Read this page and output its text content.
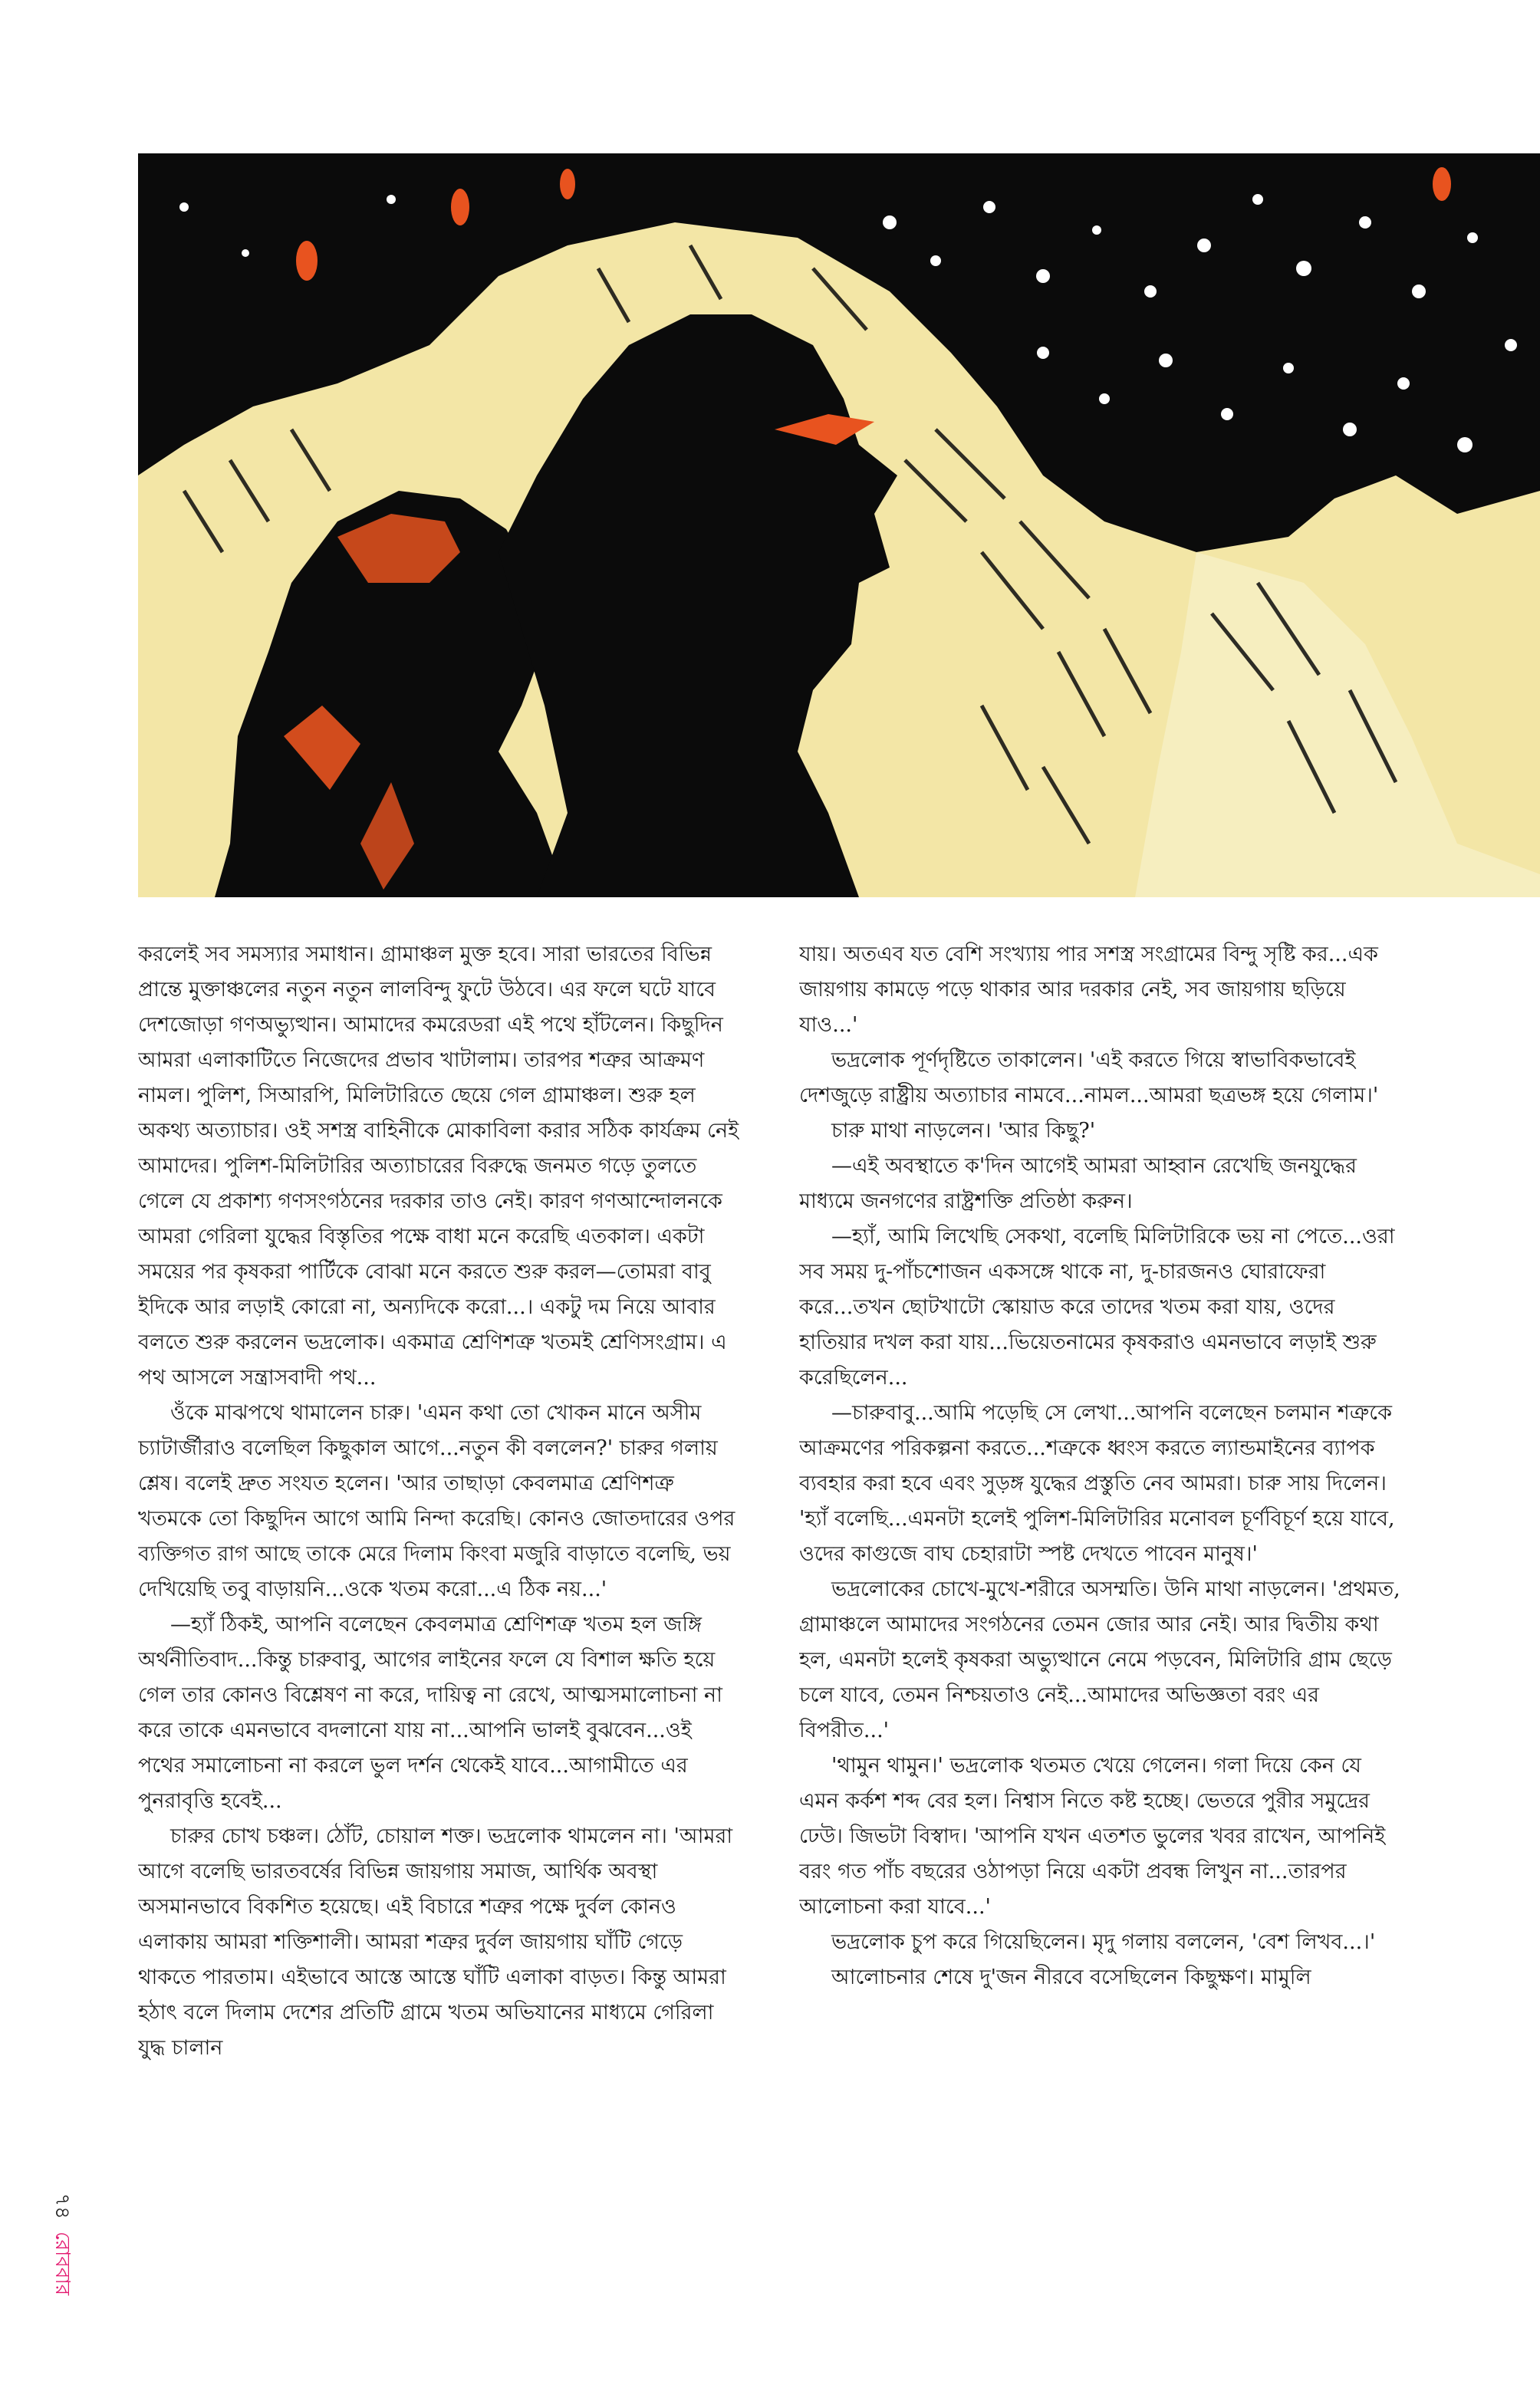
করলেই সব সমস্যার সমাধান। গ্রামাঞ্চল মুক্ত হবে। সারা ভারতের বিভিন্ন প্রান্তে মুক্তাঞ্চলের নতুন নতুন লালবিন্দু ফুটে উঠবে। এর ফলে ঘটে যাবে দেশজোড়া গণঅভ্যুত্থান। আমাদের কমরেডরা এই পথে হাঁটলেন। কিছুদিন আমরা এলাকাটিতে নিজেদের প্রভাব খাটালাম। তারপর শত্রুর আক্রমণ নামল। পুলিশ, সিআরপি, মিলিটারিতে ছেয়ে গেল গ্রামাঞ্চল। শুরু হল অকথ্য অত্যাচার। ওই সশস্ত্র বাহিনীকে মোকাবিলা করার সঠিক কার্যক্রম নেই আমাদের। পুলিশ-মিলিটারির অত্যাচারের বিরুদ্ধে জনমত গড়ে তুলতে গেলে যে প্রকাশ্য গণসংগঠনের দরকার তাও নেই। কারণ গণআন্দোলনকে আমরা গেরিলা যুদ্ধের বিস্তৃতির পক্ষে বাধা মনে করেছি এতকাল। একটা সময়ের পর কৃষকরা পার্টিকে বোঝা মনে করতে শুরু করল—তোমরা বাবু ইদিকে আর লড়াই কোরো না, অন্যদিকে করো...। একটু দম নিয়ে আবার বলতে শুরু করলেন ভদ্রলোক। একমাত্র শ্রেণিশত্রু খতমই শ্রেণিসংগ্রাম। এ পথ আসলে সন্ত্রাসবাদী পথ...

ওঁকে মাঝপথে থামালেন চারু। 'এমন কথা তো খোকন মানে অসীম চ্যাটার্জীরাও বলেছিল কিছুকাল আগে...নতুন কী বললেন?' চারুর গলায় শ্লেষ। বলেই দ্রুত সংযত হলেন। 'আর তাছাড়া কেবলমাত্র শ্রেণিশত্রু খতমকে তো কিছুদিন আগে আমি নিন্দা করেছি। কোনও জোতদারের ওপর ব্যক্তিগত রাগ আছে তাকে মেরে দিলাম কিংবা মজুরি বাড়াতে বলেছি, ভয় দেখিয়েছি তবু বাড়ায়নি...ওকে খতম করো...এ ঠিক নয়...'

—হ্যাঁ ঠিকই, আপনি বলেছেন কেবলমাত্র শ্রেণিশত্রু খতম হল জঙ্গি অর্থনীতিবাদ...কিন্তু চারুবাবু, আগের লাইনের ফলে যে বিশাল ক্ষতি হয়ে গেল তার কোনও বিশ্লেষণ না করে, দায়িত্ব না রেখে, আত্মসমালোচনা না করে তাকে এমনভাবে বদলানো যায় না...আপনি ভালই বুঝবেন...ওই পথের সমালোচনা না করলে ভুল দর্শন থেকেই যাবে...আগামীতে এর পুনরাবৃত্তি হবেই...

চারুর চোখ চঞ্চল। ঠোঁট, চোয়াল শক্ত। ভদ্রলোক থামলেন না। 'আমরা আগে বলেছি ভারতবর্ষের বিভিন্ন জায়গায় সমাজ, আর্থিক অবস্থা অসমানভাবে বিকশিত হয়েছে। এই বিচারে শত্রুর পক্ষে দুর্বল কোনও এলাকায় আমরা শক্তিশালী। আমরা শত্রুর দুর্বল জায়গায় ঘাঁটি গেড়ে থাকতে পারতাম। এইভাবে আস্তে আস্তে ঘাঁটি এলাকা বাড়ত। কিন্তু আমরা হঠাৎ বলে দিলাম দেশের প্রতিটি গ্রামে খতম অভিযানের মাধ্যমে গেরিলা যুদ্ধ চালান

যায়। অতএব যত বেশি সংখ্যায় পার সশস্ত্র সংগ্রামের বিন্দু সৃষ্টি কর...এক জায়গায় কামড়ে পড়ে থাকার আর দরকার নেই, সব জায়গায় ছড়িয়ে যাও...'

ভদ্রলোক পূর্ণদৃষ্টিতে তাকালেন। 'এই করতে গিয়ে স্বাভাবিকভাবেই দেশজুড়ে রাষ্ট্রীয় অত্যাচার নামবে...নামল...আমরা ছত্রভঙ্গ হয়ে গেলাম।'

চারু মাথা নাড়লেন। 'আর কিছু?'

—এই অবস্থাতে ক'দিন আগেই আমরা আহ্বান রেখেছি জনযুদ্ধের মাধ্যমে জনগণের রাষ্ট্রশক্তি প্রতিষ্ঠা করুন।

—হ্যাঁ, আমি লিখেছি সেকথা, বলেছি মিলিটারিকে ভয় না পেতে...ওরা সব সময় দু-পাঁচশোজন একসঙ্গে থাকে না, দু-চারজনও ঘোরাফেরা করে...তখন ছোটখাটো স্কোয়াড করে তাদের খতম করা যায়, ওদের হাতিয়ার দখল করা যায়...ভিয়েতনামের কৃষকরাও এমনভাবে লড়াই শুরু করেছিলেন...

—চারুবাবু...আমি পড়েছি সে লেখা...আপনি বলেছেন চলমান শত্রুকে আক্রমণের পরিকল্পনা করতে...শত্রুকে ধ্বংস করতে ল্যান্ডমাইনের ব্যাপক ব্যবহার করা হবে এবং সুড়ঙ্গ যুদ্ধের প্রস্তুতি নেব আমরা। চারু সায় দিলেন। 'হ্যাঁ বলেছি...এমনটা হলেই পুলিশ-মিলিটারির মনোবল চূর্ণবিচূর্ণ হয়ে যাবে, ওদের কাগুজে বাঘ চেহারাটা স্পষ্ট দেখতে পাবেন মানুষ।'

ভদ্রলোকের চোখে-মুখে-শরীরে অসম্মতি। উনি মাথা নাড়লেন। 'প্রথমত, গ্রামাঞ্চলে আমাদের সংগঠনের তেমন জোর আর নেই। আর দ্বিতীয় কথা হল, এমনটা হলেই কৃষকরা অভ্যুত্থানে নেমে পড়বেন, মিলিটারি গ্রাম ছেড়ে চলে যাবে, তেমন নিশ্চয়তাও নেই...আমাদের অভিজ্ঞতা বরং এর বিপরীত...'

'থামুন থামুন।' ভদ্রলোক থতমত খেয়ে গেলেন। গলা দিয়ে কেন যে এমন কর্কশ শব্দ বের হল। নিশ্বাস নিতে কষ্ট হচ্ছে। ভেতরে পুরীর সমুদ্রের ঢেউ। জিভটা বিস্বাদ। 'আপনি যখন এতশত ভুলের খবর রাখেন, আপনিই বরং গত পাঁচ বছরের ওঠাপড়া নিয়ে একটা প্রবন্ধ লিখুন না...তারপর আলোচনা করা যাবে...'

ভদ্রলোক চুপ করে গিয়েছিলেন। মৃদু গলায় বললেন, 'বেশ লিখব...।'

আলোচনার শেষে দু'জন নীরবে বসেছিলেন কিছুক্ষণ। মামুলি

৭৪
রোববার
